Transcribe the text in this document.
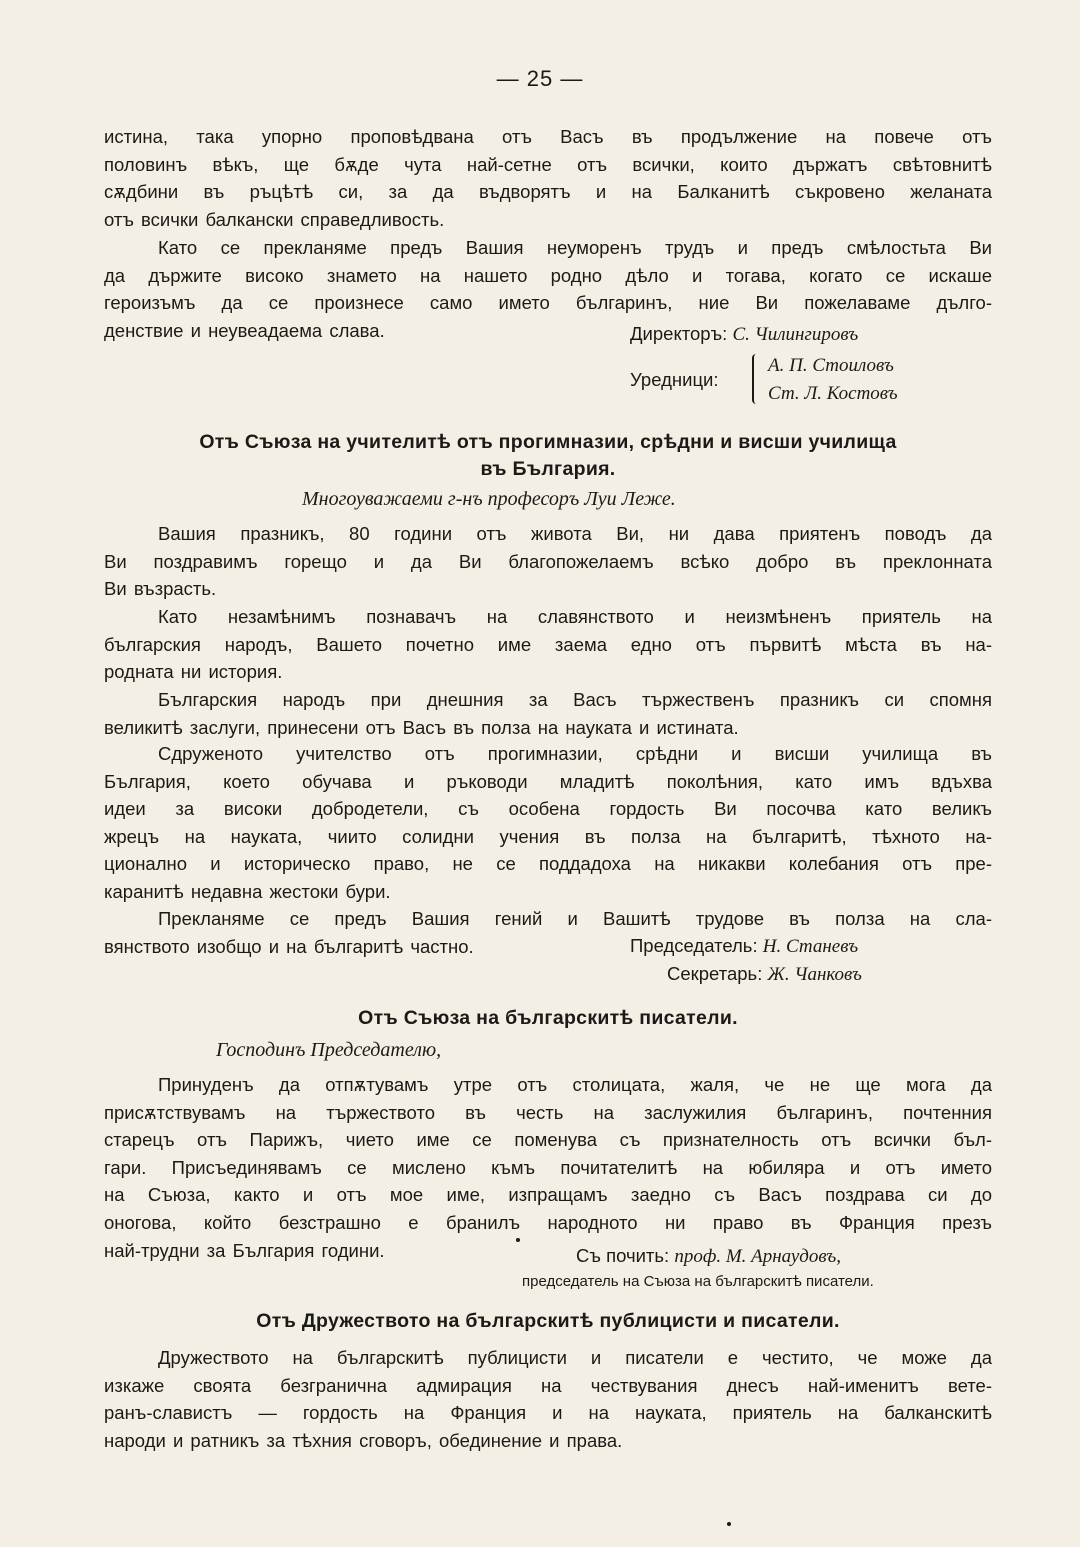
— 25 —

истина, така упорно проповѣдвана отъ Васъ въ продължение на повече отъ

половинъ вѣкъ, ще бѫде чута най-сетне отъ всички, които държатъ свѣтовнитѣ

сѫдбини въ ръцѣтѣ си, за да въдворятъ и на Балканитѣ съкровено желаната

отъ всички балкански справедливость.

Като се прекланяме предъ Вашия неуморенъ трудъ и предъ смѣлостьта Ви

да държите високо знамето на нашето родно дѣло и тогава, когато се искаше

героизъмъ да се произнесе само името българинъ, ние Ви пожелаваме дълго-

денствие и неувеадаема слава.	Директоръ: С. Чилингировъ
Уредници:
А. П. Стоиловъ
Ст. Л. Костовъ
Отъ Съюза на учителитѣ отъ прогимназии, срѣдни и висши училища
въ България.
Многоуважаеми г-нъ професоръ Луи Леже.

Вашия празникъ, 80 години отъ живота Ви, ни дава приятенъ поводъ да

Ви поздравимъ горещо и да Ви благопожелаемъ всѣко добро въ преклонната

Ви възрасть.

Като незамѣнимъ познавачъ на славянството и неизмѣненъ приятель на

българския народъ, Вашето почетно име заема едно отъ първитѣ мѣста въ на-

родната ни история.

Българския народъ при днешния за Васъ тържественъ празникъ си спомня

великитѣ заслуги, принесени отъ Васъ въ полза на науката и истината.

Сдруженото учителство отъ прогимназии, срѣдни и висши училища въ

България, което обучава и ръководи младитѣ поколѣния, като имъ вдъхва

идеи за високи добродетели, съ особена гордость Ви посочва като великъ

жрецъ на науката, чиито солидни учения въ полза на българитѣ, тѣхното на-

ционално и историческо право, не се поддадоха на никакви колебания отъ пре-

каранитѣ недавна жестоки бури.

Прекланяме се предъ Вашия гений и Вашитѣ трудове въ полза на сла-

вянството изобщо и на българитѣ частно.	Председатель: Н. Станевъ
Секретарь: Ж. Чанковъ
Отъ Съюза на българскитѣ писатели.
Господинъ Председателю,

Принуденъ да отпѫтувамъ утре отъ столицата, жаля, че не ще мога да

присѫтствувамъ на тържеството въ честь на заслужилия българинъ, почтенния

старецъ отъ Парижъ, чието име се поменува съ признателность отъ всички бъл-

гари. Присъединявамъ се мислено къмъ почитателитѣ на юбиляра и отъ името

на Съюза, както и отъ мое име, изпращамъ заедно съ Васъ поздрава си до

оногова, който безстрашно е бранилъ народното ни право въ Франция презъ

най-трудни за България години.	Съ почить: проф. М. Арнаудовъ,
председатель на Съюза на българскитѣ писатели.
Отъ Дружеството на българскитѣ публицисти и писатели.

Дружеството на българскитѣ публицисти и писатели е честито, че може да

изкаже своята безгранична адмирация на чествувания днесъ най-именитъ вете-

ранъ-славистъ — гордость на Франция и на науката, приятель на балканскитѣ

народи и ратникъ за тѣхния сговоръ, обединение и права.
